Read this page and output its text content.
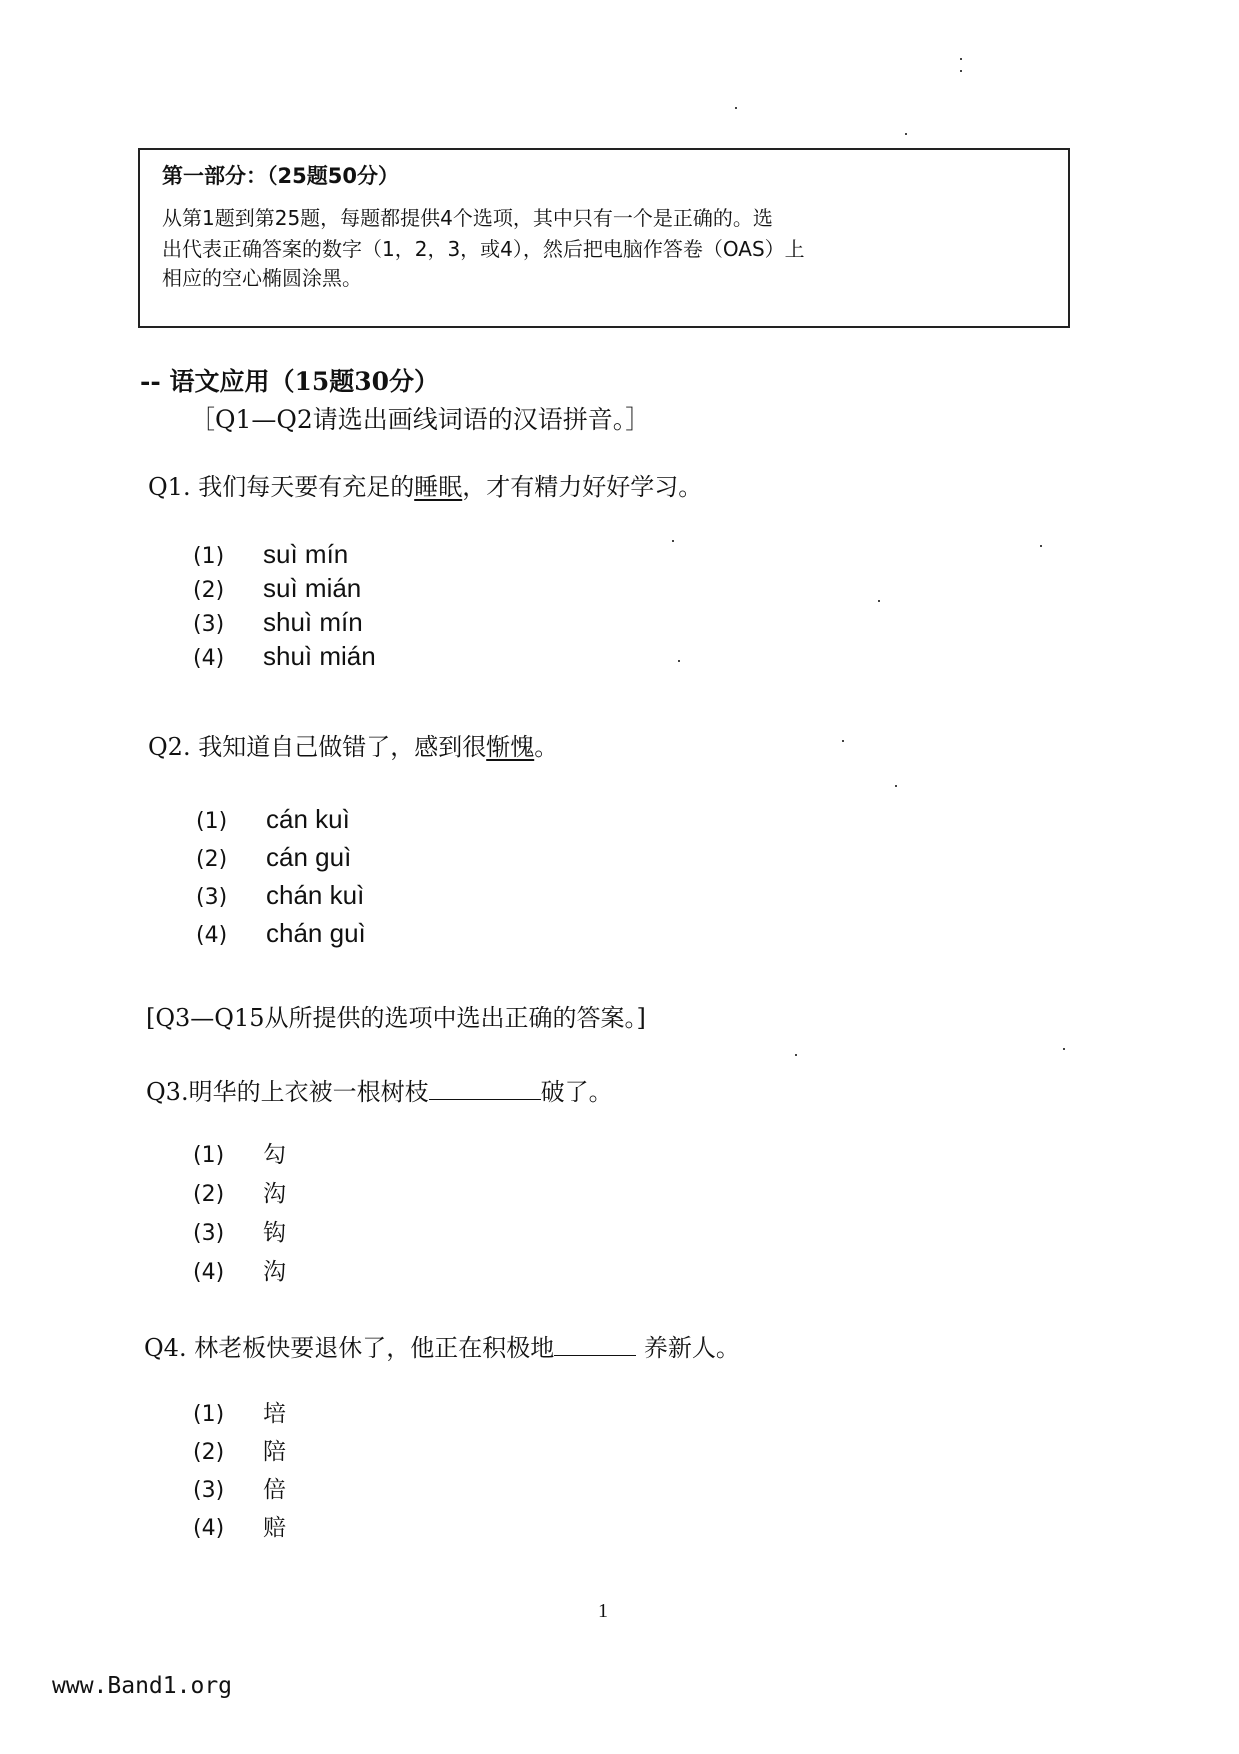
第一部分：（25题50分）
从第1题到第25题，每题都提供4个选项，其中只有一个是正确的。选
出代表正确答案的数字（1，2，3，或4），然后把电脑作答卷（OAS）上
相应的空心椭圆涂黑。
-- 语文应用（15题30分）
［Q1—Q2请选出画线词语的汉语拼音。］
Q1. 我们每天要有充足的睡眠，才有精力好好学习。
(1) suì mín
(2) suì mián
(3) shuì mín
(4) shuì mián
Q2. 我知道自己做错了，感到很惭愧。
(1) cán kuì
(2) cán guì
(3) chán kuì
(4) chán guì
[Q3—Q15从所提供的选项中选出正确的答案。]
Q3.明华的上衣被一根树枝	破了。
(1) 勾
(2) 沟
(3) 钩
(4) 沟
Q4. 林老板快要退休了，他正在积极地	养新人。
(1) 培
(2) 陪
(3) 倍
(4) 赔
1
www.Band1.org
